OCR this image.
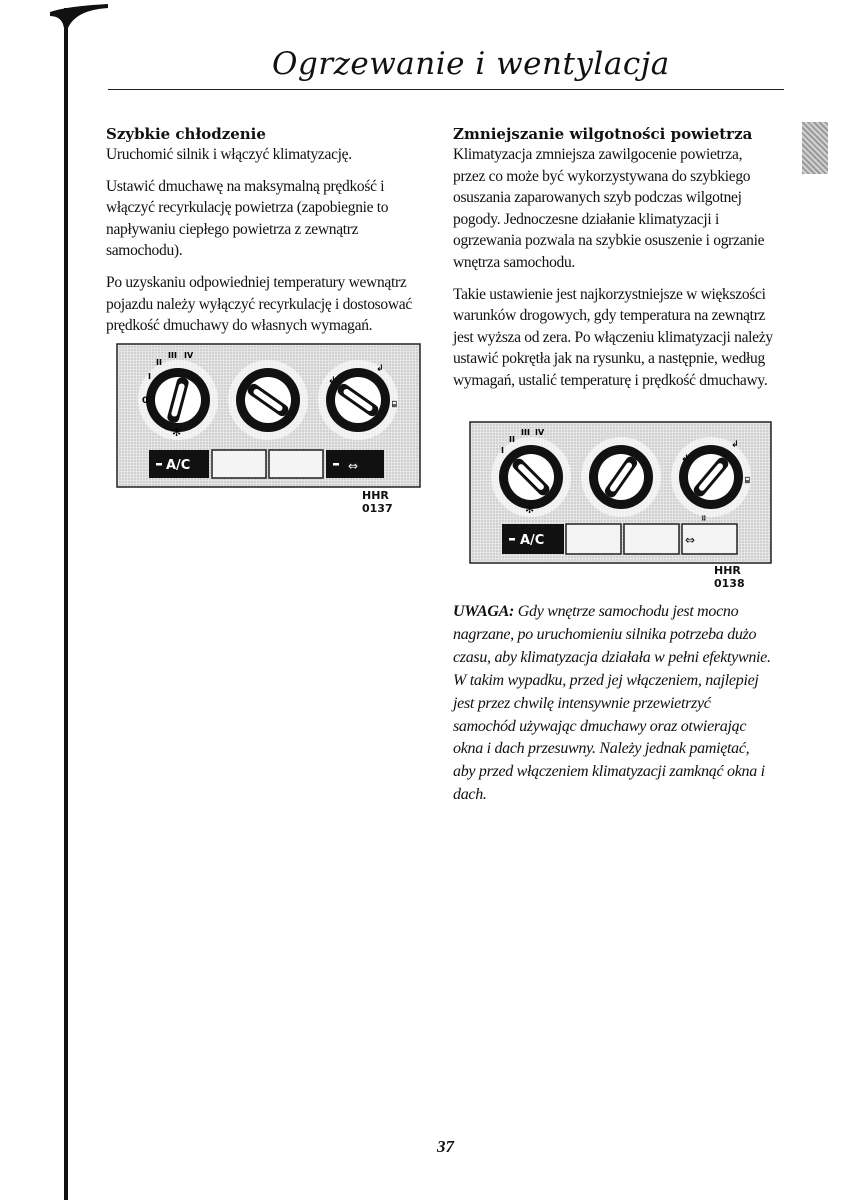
Ogrzewanie i wentylacja
Szybkie chłodzenie

Uruchomić silnik i włączyć klimatyzację.

Ustawić dmuchawę na maksymalną prędkość i włączyć recyrkulację powietrza (zapobiegnie to napływaniu ciepłego powietrza z zewnątrz samochodu).

Po uzyskaniu odpowiedniej temperatury wewnątrz pojazdu należy wyłączyć recyrkulację i dostosować prędkość dmuchawy do własnych wymagań.

0
I
II
III IV
✻
↲
↲
⌸
A/C	⇔
HHR 0137
Zmniejszanie wilgotności powietrza

Klimatyzacja zmniejsza zawilgocenie powietrza, przez co może być wykorzystywana do szybkiego osuszania zaparowanych szyb podczas wilgotnej pogody. Jednoczesne działanie klimatyzacji i ogrzewania pozwala na szybkie osuszenie i ogrzanie wnętrza samochodu.

Takie ustawienie jest najkorzystniejsze w większości warunków drogowych, gdy temperatura na zewnątrz jest wyższa od zera. Po włączeniu klimatyzacji należy ustawić pokrętła jak na rysunku, a następnie, według wymagań, ustalić temperaturę i prędkość dmuchawy.

I
II
III IV
✻
↲
↲
⌸
A/C	⇔
⠿
HHR 0138
UWAGA: Gdy wnętrze samochodu jest mocno nagrzane, po uruchomieniu silnika potrzeba dużo czasu, aby klimatyzacja działała w pełni efektywnie. W takim wypadku, przed jej włączeniem, najlepiej jest przez chwilę intensywnie przewietrzyć samochód używając dmuchawy oraz otwierając okna i dach przesuwny. Należy jednak pamiętać, aby przed włączeniem klimatyzacji zamknąć okna i dach.
37
